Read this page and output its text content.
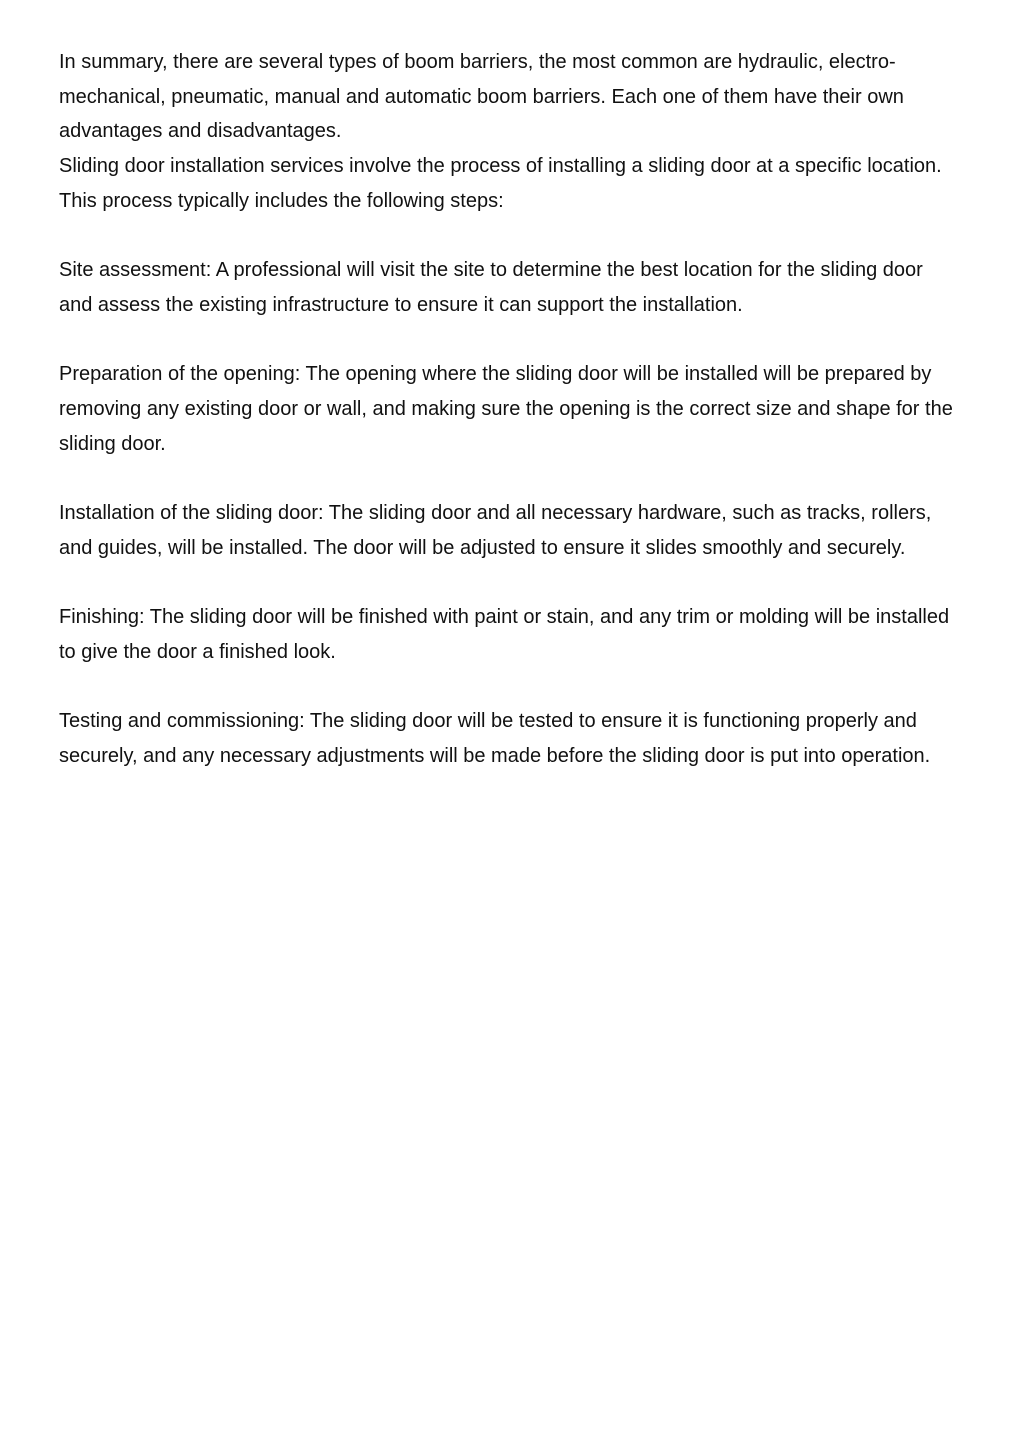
In summary, there are several types of boom barriers, the most common are hydraulic, electro-mechanical, pneumatic, manual and automatic boom barriers. Each one of them have their own advantages and disadvantages.

Sliding door installation services involve the process of installing a sliding door at a specific location. This process typically includes the following steps:

Site assessment: A professional will visit the site to determine the best location for the sliding door and assess the existing infrastructure to ensure it can support the installation.

Preparation of the opening: The opening where the sliding door will be installed will be prepared by removing any existing door or wall, and making sure the opening is the correct size and shape for the sliding door.

Installation of the sliding door: The sliding door and all necessary hardware, such as tracks, rollers, and guides, will be installed. The door will be adjusted to ensure it slides smoothly and securely.

Finishing: The sliding door will be finished with paint or stain, and any trim or molding will be installed to give the door a finished look.

Testing and commissioning: The sliding door will be tested to ensure it is functioning properly and securely, and any necessary adjustments will be made before the sliding door is put into operation.
